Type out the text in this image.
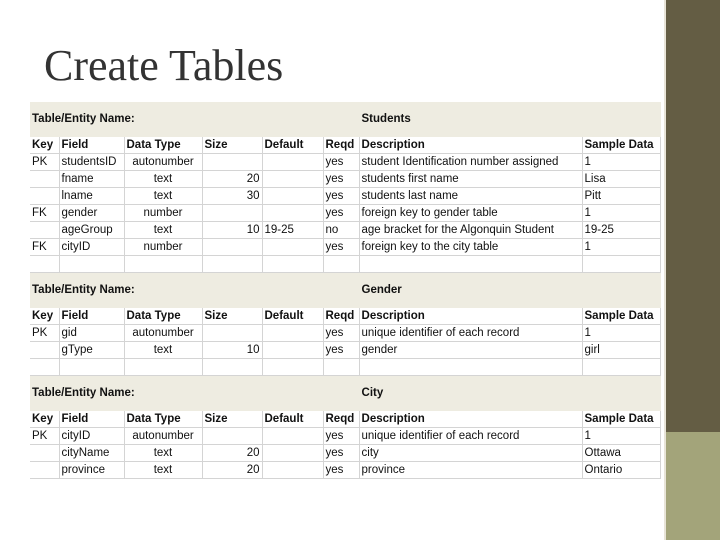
Create Tables
Table/Entity Name:						Students	
Key	Field	Data Type	Size	Default	Reqd	Description	Sample Data
PK	studentsID	autonumber			yes	student Identification number assigned	1
	fname	text	20		yes	students first name	Lisa
	lname	text	30		yes	students last name	Pitt
FK	gender	number			yes	foreign key to gender table	1
	ageGroup	text	10	19-25	no	age bracket for the Algonquin Student	19-25
FK	cityID	number			yes	foreign key to the city table	1

Table/Entity Name:						Gender	
Key	Field	Data Type	Size	Default	Reqd	Description	Sample Data
PK	gid	autonumber			yes	unique identifier of each record	1
	gType	text	10		yes	gender	girl

Table/Entity Name:						City	
Key	Field	Data Type	Size	Default	Reqd	Description	Sample Data
PK	cityID	autonumber			yes	unique identifier of each record	1
	cityName	text	20		yes	city	Ottawa
	province	text	20		yes	province	Ontario
